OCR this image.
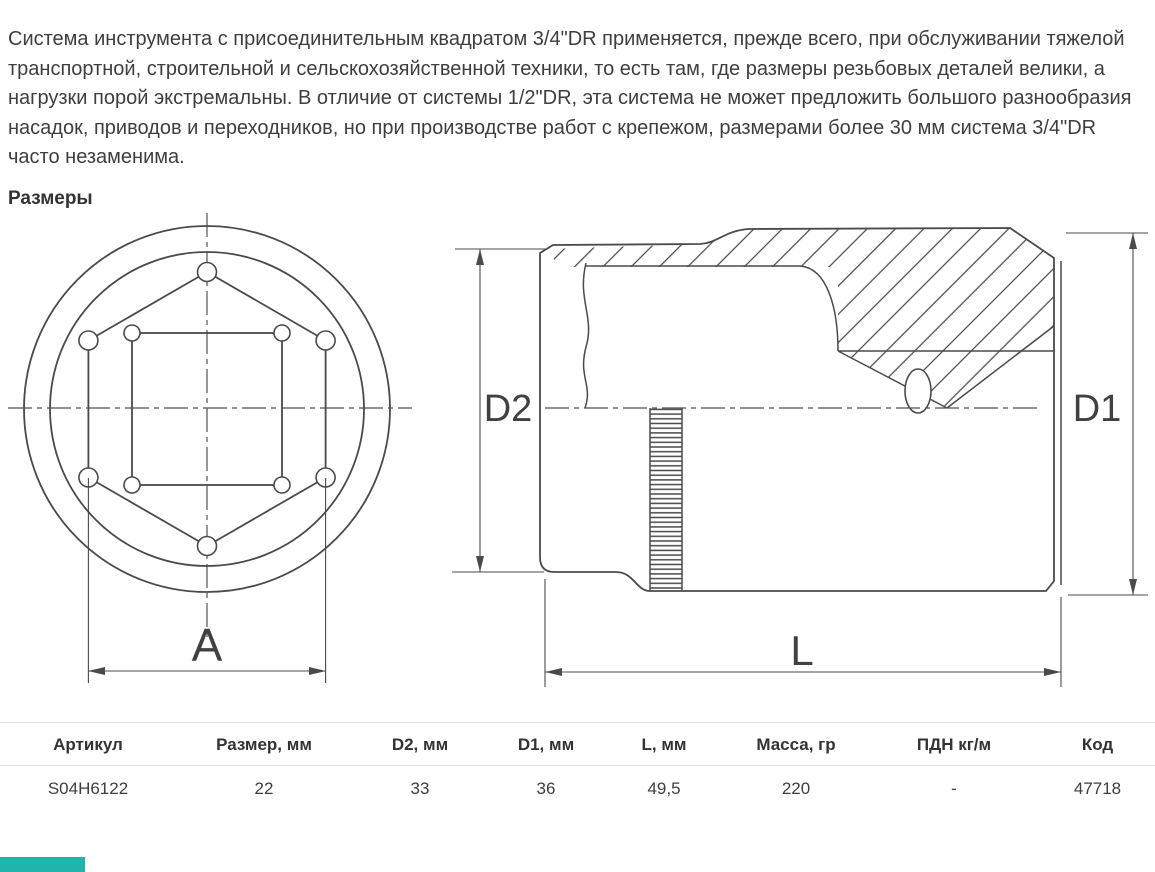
Система инструмента с присоединительным квадратом 3/4"DR применяется, прежде всего, при обслуживании тяжелой транспортной, строительной и сельскохозяйственной техники, то есть там, где размеры резьбовых деталей велики, а нагрузки порой экстремальны. В отличие от системы 1/2"DR, эта система не может предложить большого разнообразия насадок, приводов и переходников, но при производстве работ с крепежом, размерами более 30 мм система 3/4"DR часто незаменима.

Размеры
A
D2	D1
L
Артикул	Размер, мм	D2, мм	D1, мм	L, мм	Масса, гр	ПДН кг/м	Код
S04H6122	22	33	36	49,5	220	-	47718
